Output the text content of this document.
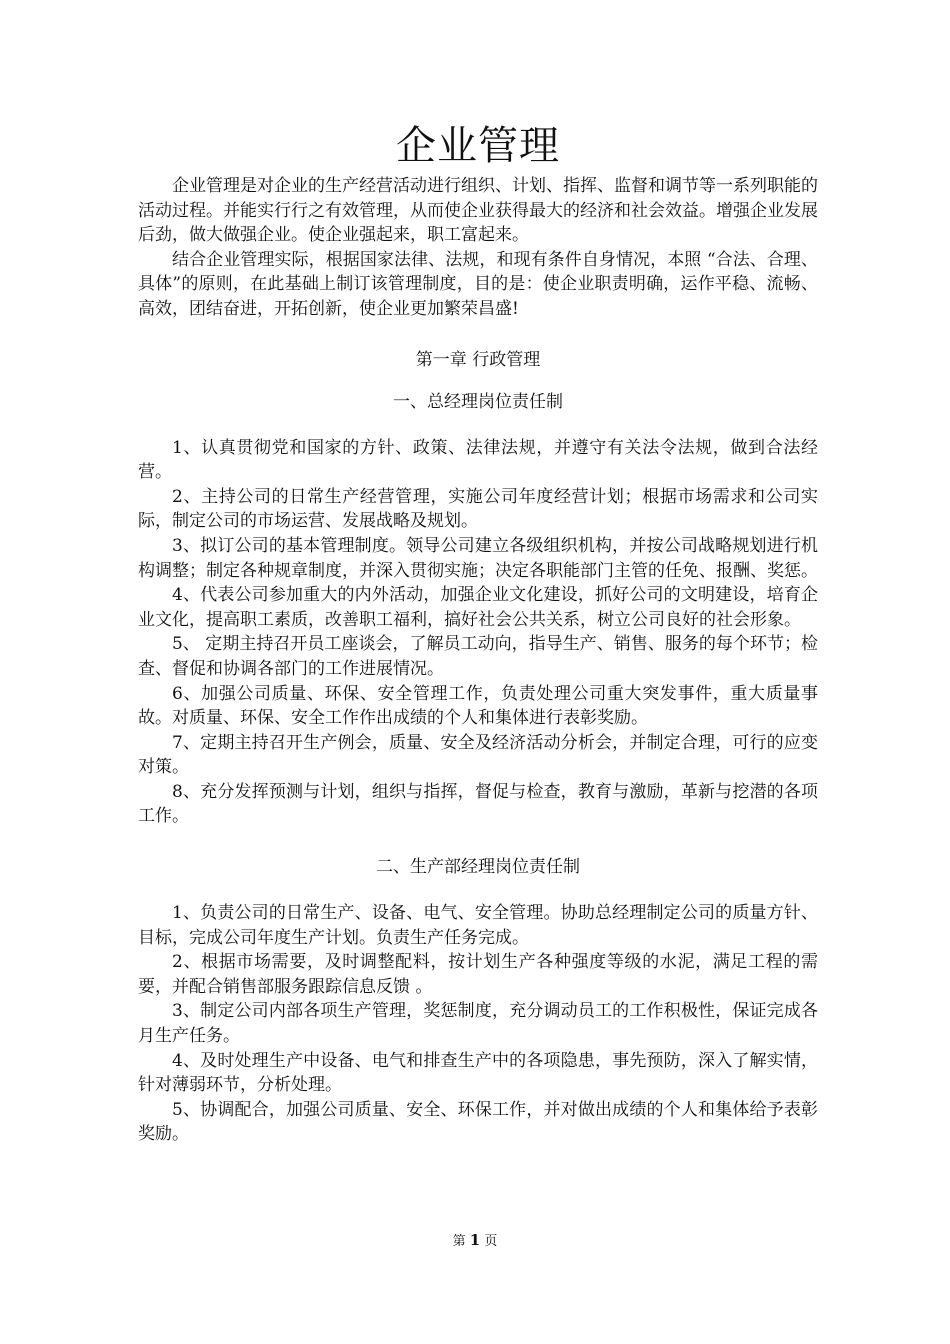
企业管理

企业管理是对企业的生产经营活动进行组织、计划、指挥、监督和调节等一系列职能的活动过程。并能实行行之有效管理，从而使企业获得最大的经济和社会效益。增强企业发展后劲，做大做强企业。使企业强起来，职工富起来。

结合企业管理实际，根据国家法律、法规，和现有条件自身情况，本照 “合法、合理、具体”的原则，在此基础上制订该管理制度，目的是：使企业职责明确，运作平稳、流畅、高效，团结奋进，开拓创新，使企业更加繁荣昌盛!

第一章 行政管理
一、总经理岗位责任制

1、认真贯彻党和国家的方针、政策、法律法规，并遵守有关法令法规，做到合法经营。

2、主持公司的日常生产经营管理，实施公司年度经营计划；根据市场需求和公司实际，制定公司的市场运营、发展战略及规划。

3、拟订公司的基本管理制度。领导公司建立各级组织机构，并按公司战略规划进行机构调整；制定各种规章制度，并深入贯彻实施；决定各职能部门主管的任免、报酬、奖惩。

4、代表公司参加重大的内外活动，加强企业文化建设，抓好公司的文明建设，培育企业文化，提高职工素质，改善职工福利，搞好社会公共关系，树立公司良好的社会形象。

5、 定期主持召开员工座谈会，了解员工动向，指导生产、销售、服务的每个环节；检查、督促和协调各部门的工作进展情况。

6、加强公司质量、环保、安全管理工作，负责处理公司重大突发事件，重大质量事故。对质量、环保、安全工作作出成绩的个人和集体进行表彰奖励。

7、定期主持召开生产例会，质量、安全及经济活动分析会，并制定合理，可行的应变对策。

8、充分发挥预测与计划，组织与指挥，督促与检查，教育与激励，革新与挖潜的各项工作。

二、生产部经理岗位责任制

1、负责公司的日常生产、设备、电气、安全管理。协助总经理制定公司的质量方针、目标，完成公司年度生产计划。负责生产任务完成。

2、根据市场需要，及时调整配料，按计划生产各种强度等级的水泥，满足工程的需要，并配合销售部服务跟踪信息反馈 。

3、制定公司内部各项生产管理，奖惩制度，充分调动员工的工作积极性，保证完成各月生产任务。

4、及时处理生产中设备、电气和排查生产中的各项隐患，事先预防，深入了解实情，针对薄弱环节，分析处理。

5、协调配合，加强公司质量、安全、环保工作，并对做出成绩的个人和集体给予表彰奖励。

第 1 页
